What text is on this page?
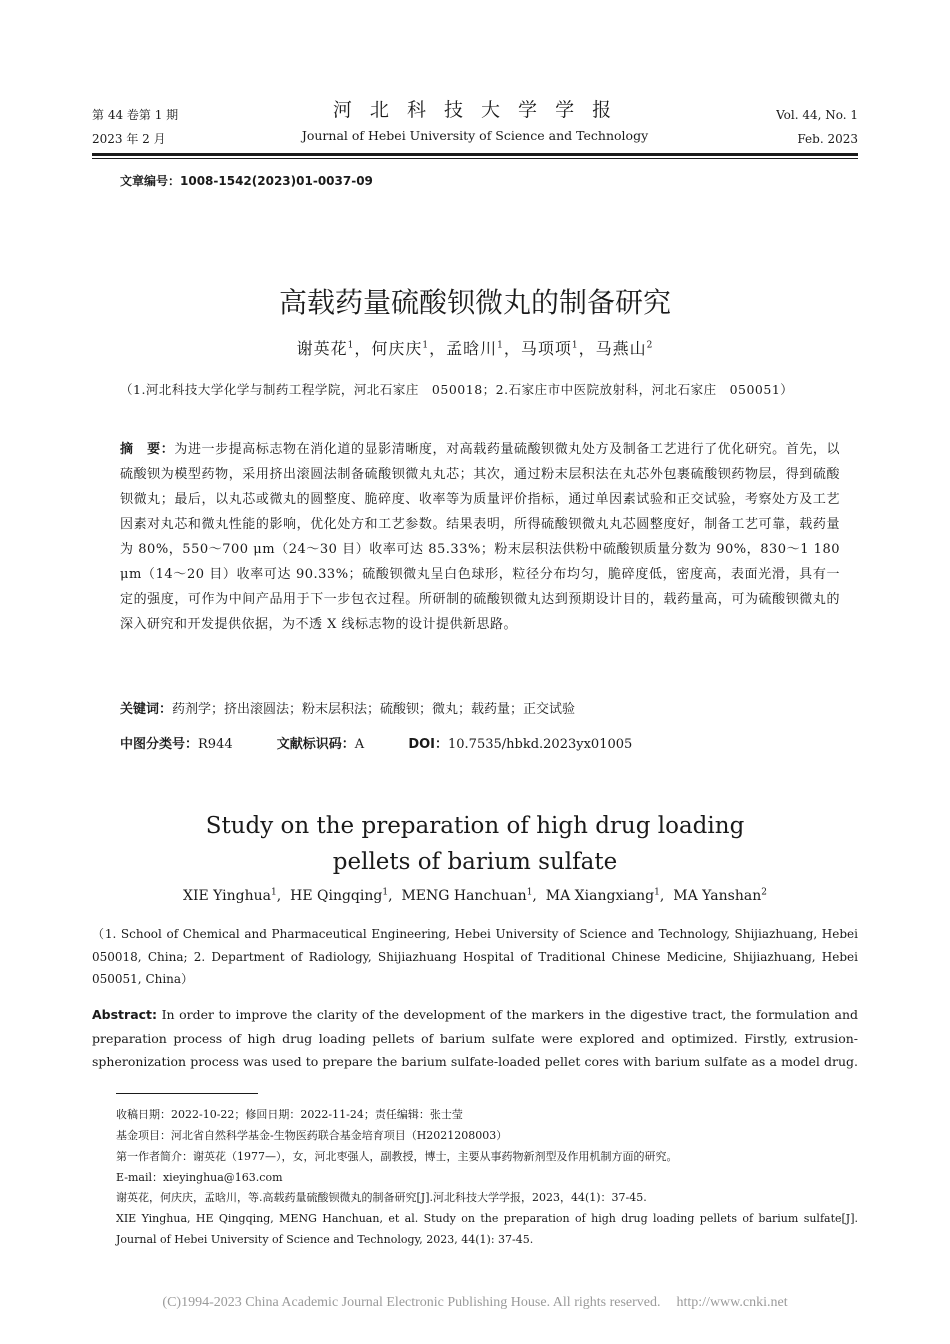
第 44 卷第 1 期
2023 年 2 月
河 北 科 技 大 学 学 报
Journal of Hebei University of Science and Technology
Vol. 44, No. 1
Feb. 2023
文章编号：1008-1542(2023)01-0037-09
高载药量硫酸钡微丸的制备研究
谢英花$^1$，何庆庆$^1$，孟晗川$^1$，马项项$^1$，马燕山$^2$
（1.河北科技大学化学与制药工程学院，河北石家庄　050018；2.石家庄市中医院放射科，河北石家庄　050051）
摘　要：为进一步提高标志物在消化道的显影清晰度，对高载药量硫酸钡微丸处方及制备工艺进行了优化研究。首先，以硫酸钡为模型药物，采用挤出滚圆法制备硫酸钡微丸丸芯；其次，通过粉末层积法在丸芯外包裹硫酸钡药物层，得到硫酸钡微丸；最后，以丸芯或微丸的圆整度、脆碎度、收率等为质量评价指标，通过单因素试验和正交试验，考察处方及工艺因素对丸芯和微丸性能的影响，优化处方和工艺参数。结果表明，所得硫酸钡微丸丸芯圆整度好，制备工艺可靠，载药量为 80%，550～700 μm（24～30 目）收率可达 85.33%；粉末层积法供粉中硫酸钡质量分数为 90%，830～1 180 μm（14～20 目）收率可达 90.33%；硫酸钡微丸呈白色球形，粒径分布均匀，脆碎度低，密度高，表面光滑，具有一定的强度，可作为中间产品用于下一步包衣过程。所研制的硫酸钡微丸达到预期设计目的，载药量高，可为硫酸钡微丸的深入研究和开发提供依据，为不透 X 线标志物的设计提供新思路。
关键词：药剂学；挤出滚圆法；粉末层积法；硫酸钡；微丸；载药量；正交试验
中图分类号：R944	文献标识码：A	DOI：10.7535/hbkd.2023yx01005
Study on the preparation of high drug loading
pellets of barium sulfate
XIE Yinghua$^1$,  HE Qingqing$^1$,  MENG Hanchuan$^1$,  MA Xiangxiang$^1$,  MA Yanshan$^2$
（1. School of Chemical and Pharmaceutical Engineering, Hebei University of Science and Technology, Shijiazhuang, Hebei 050018, China; 2. Department of Radiology, Shijiazhuang Hospital of Traditional Chinese Medicine, Shijiazhuang, Hebei 050051, China）
Abstract: In order to improve the clarity of the development of the markers in the digestive tract, the formulation and preparation process of high drug loading pellets of barium sulfate were explored and optimized. Firstly, extrusion-spheronization process was used to prepare the barium sulfate-loaded pellet cores with barium sulfate as a model drug.
收稿日期：2022-10-22；修回日期：2022-11-24；责任编辑：张士莹
基金项目：河北省自然科学基金-生物医药联合基金培育项目（H2021208003）
第一作者简介：谢英花（1977—），女，河北枣强人，副教授，博士，主要从事药物新剂型及作用机制方面的研究。
E-mail：xieyinghua@163.com

谢英花，何庆庆，孟晗川，等.高载药量硫酸钡微丸的制备研究[J].河北科技大学学报，2023，44(1)：37-45.

XIE Yinghua, HE Qingqing, MENG Hanchuan, et al. Study on the preparation of high drug loading pellets of barium sulfate[J]. Journal of Hebei University of Science and Technology, 2023, 44(1): 37-45.

(C)1994-2023 China Academic Journal Electronic Publishing House. All rights reserved. http://www.cnki.net
